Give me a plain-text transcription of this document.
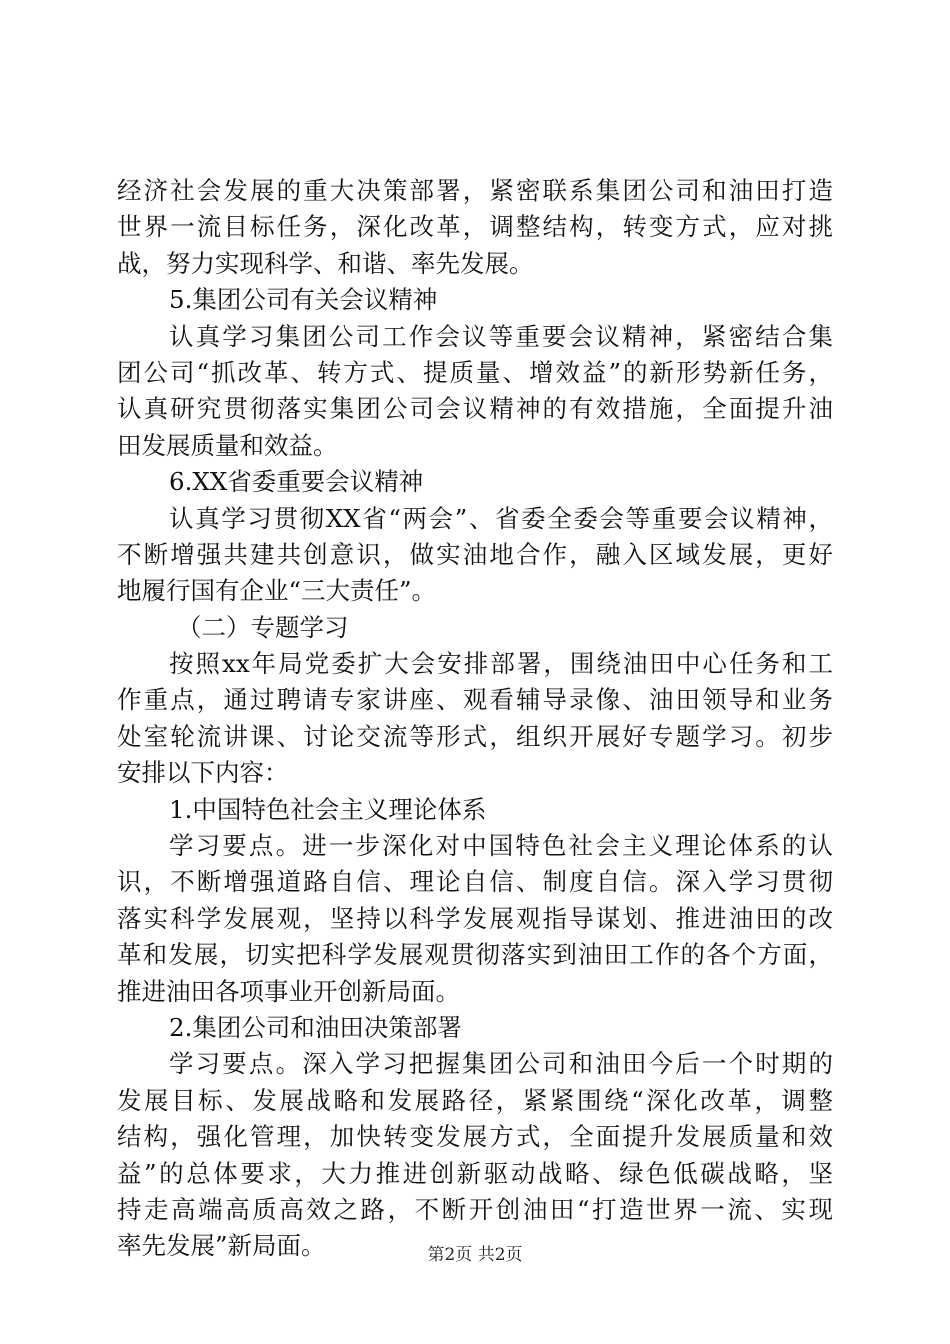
经济社会发展的重大决策部署，紧密联系集团公司和油田打造
世界一流目标任务，深化改革，调整结构，转变方式，应对挑
战，努力实现科学、和谐、率先发展。
5.集团公司有关会议精神
认真学习集团公司工作会议等重要会议精神，紧密结合集
团公司“抓改革、转方式、提质量、增效益”的新形势新任务，
认真研究贯彻落实集团公司会议精神的有效措施，全面提升油
田发展质量和效益。
6.XX省委重要会议精神
认真学习贯彻XX省“两会”、省委全委会等重要会议精神，
不断增强共建共创意识，做实油地合作，融入区域发展，更好
地履行国有企业“三大责任”。
（二）专题学习
按照xx年局党委扩大会安排部署，围绕油田中心任务和工
作重点，通过聘请专家讲座、观看辅导录像、油田领导和业务
处室轮流讲课、讨论交流等形式，组织开展好专题学习。初步
安排以下内容：
1.中国特色社会主义理论体系
学习要点。进一步深化对中国特色社会主义理论体系的认
识，不断增强道路自信、理论自信、制度自信。深入学习贯彻
落实科学发展观，坚持以科学发展观指导谋划、推进油田的改
革和发展，切实把科学发展观贯彻落实到油田工作的各个方面，
推进油田各项事业开创新局面。
2.集团公司和油田决策部署
学习要点。深入学习把握集团公司和油田今后一个时期的
发展目标、发展战略和发展路径，紧紧围绕“深化改革，调整
结构，强化管理，加快转变发展方式，全面提升发展质量和效
益”的总体要求，大力推进创新驱动战略、绿色低碳战略，坚
持走高端高质高效之路，不断开创油田“打造世界一流、实现
率先发展”新局面。	第2页 共2页
